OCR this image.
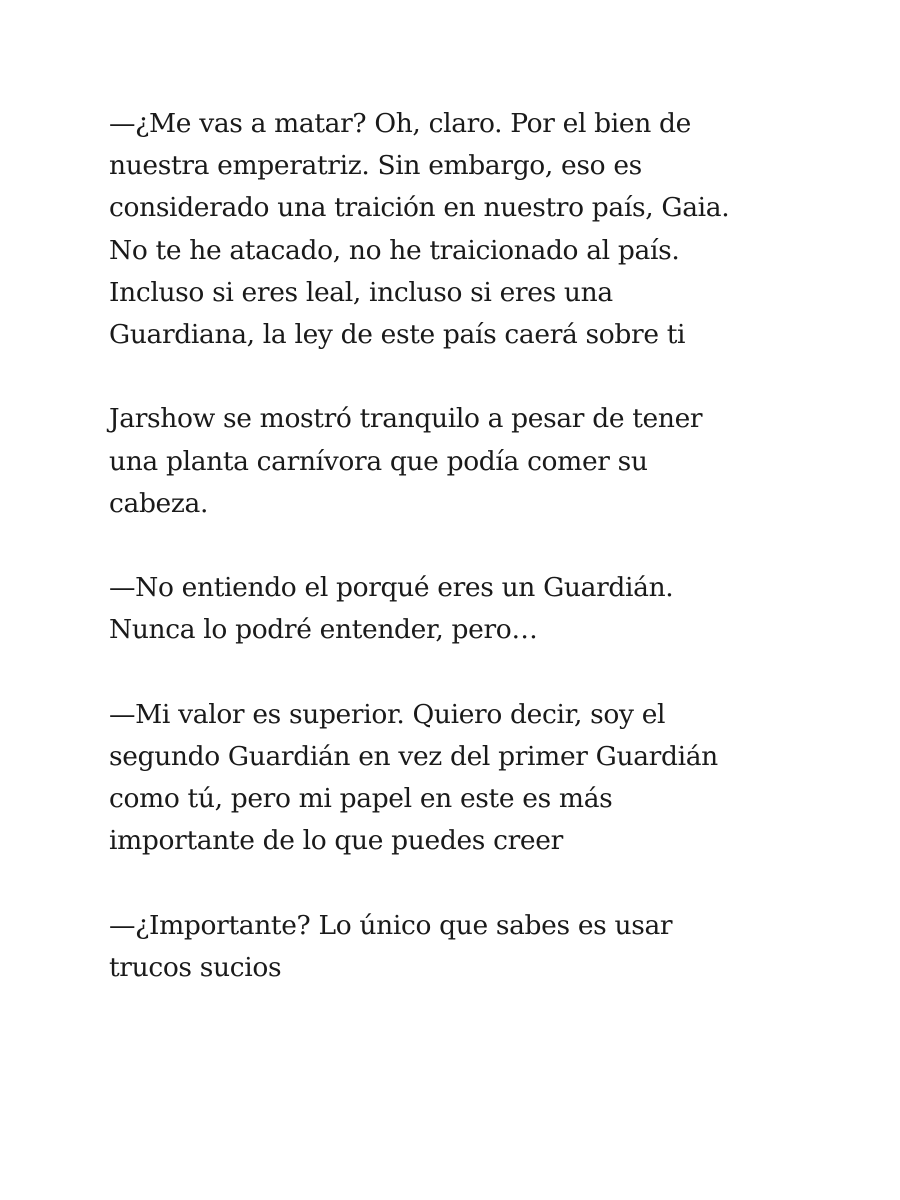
—¿Me vas a matar? Oh, claro. Por el bien de
nuestra emperatriz. Sin embargo, eso es
considerado una traición en nuestro país, Gaia.
No te he atacado, no he traicionado al país.
Incluso si eres leal, incluso si eres una
Guardiana, la ley de este país caerá sobre ti

Jarshow se mostró tranquilo a pesar de tener
una planta carnívora que podía comer su
cabeza.

—No entiendo el porqué eres un Guardián.
Nunca lo podré entender, pero…

—Mi valor es superior. Quiero decir, soy el
segundo Guardián en vez del primer Guardián
como tú, pero mi papel en este es más
importante de lo que puedes creer

—¿Importante? Lo único que sabes es usar
trucos sucios
